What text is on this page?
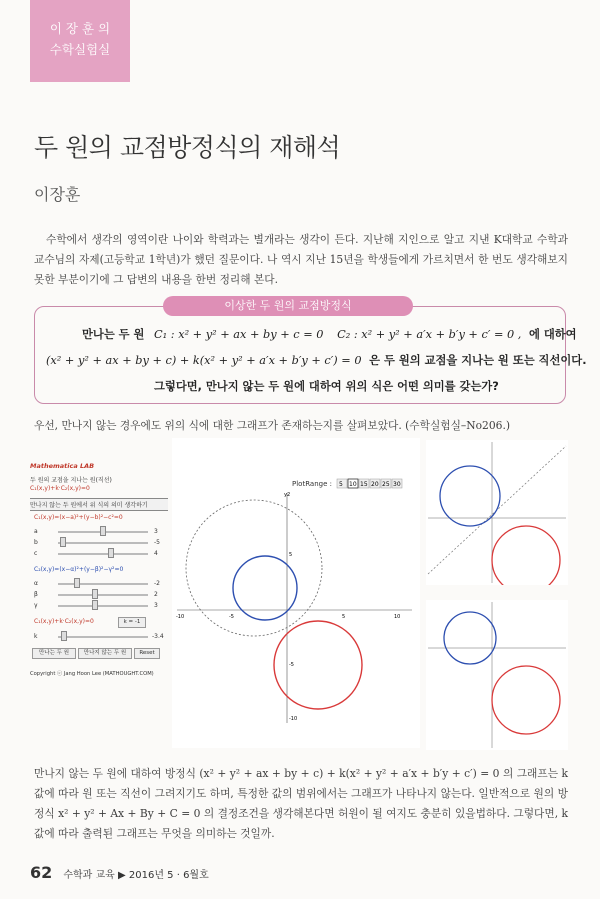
이 장 훈 의
수학실험실
두 원의 교점방정식의 재해석
이장훈
수학에서 생각의 영역이란 나이와 학력과는 별개라는 생각이 든다. 지난해 지인으로 알고 지낸 K대학교 수학과 교수님의 자제(고등학교 1학년)가 했던 질문이다. 나 역시 지난 15년을 학생들에게 가르치면서 한 번도 생각해보지 못한 부분이기에 그 답변의 내용을 한번 정리해 본다.
이상한 두 원의 교점방정식
만나는 두 원 C₁ : x² + y² + ax + by + c = 0 C₂ : x² + y² + a′x + b′y + c′ = 0 , 에 대하여
(x² + y² + ax + by + c) + k(x² + y² + a′x + b′y + c′) = 0 은 두 원의 교점을 지나는 원 또는 직선이다.
그렇다면, 만나지 않는 두 원에 대하여 위의 식은 어떤 의미를 갖는가?
우선, 만나지 않는 경우에도 위의 식에 대한 그래프가 존재하는지를 살펴보았다. (수학실험실–No206.)
Mathematica LAB
두 원의 교점을 지나는 원(직선)
C₁(x,y)+k·C₂(x,y)=0
만나지 않는 두 원에서 위 식의 의미 생각하기
C₁(x,y)=(x−a)²+(y−b)²−c²=0
a	3
b	-5
c	4
C₂(x,y)=(x−α)²+(y−β)²−γ²=0
α	-2
β	2
γ	3
C₁(x,y)+k·C₂(x,y)=0	k = -1
k	-3.4
만나는 두 원	만나지 않는 두 원	Reset
Copyright ⓒ Jang Hoon Lee (MATHOUGHT.COM)
PlotRange : 5 10 15 20 25 30
y2
-10	-5	5	10
5
-5
-10
만나지 않는 두 원에 대하여 방정식 (x² + y² + ax + by + c) + k(x² + y² + a′x + b′y + c′) = 0 의 그래프는 k 값에 따라 원 또는 직선이 그려지기도 하며, 특정한 값의 범위에서는 그래프가 나타나지 않는다. 일반적으로 원의 방정식 x² + y² + Ax + By + C = 0 의 결정조건을 생각해본다면 허원이 될 여지도 충분히 있을법하다. 그렇다면, k 값에 따라 출력된 그래프는 무엇을 의미하는 것일까.
62 수학과 교육 ▶ 2016년 5 · 6월호
